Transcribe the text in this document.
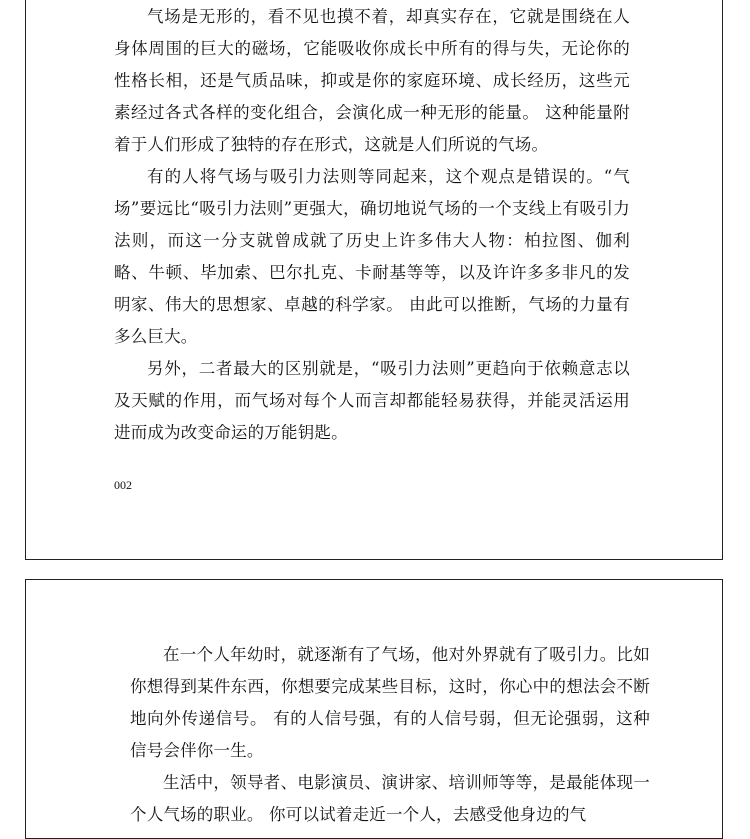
气场是无形的，看不见也摸不着，却真实存在，它就是围绕在人身体周围的巨大的磁场，它能吸收你成长中所有的得与失，无论你的性格长相，还是气质品味，抑或是你的家庭环境、成长经历，这些元素经过各式各样的变化组合，会演化成一种无形的能量。 这种能量附着于人们形成了独特的存在形式，这就是人们所说的气场。

有的人将气场与吸引力法则等同起来，这个观点是错误的。“气场”要远比“吸引力法则”更强大，确切地说气场的一个支线上有吸引力法则，而这一分支就曾成就了历史上许多伟大人物：柏拉图、伽利略、牛顿、毕加索、巴尔扎克、卡耐基等等，以及许许多多非凡的发明家、伟大的思想家、卓越的科学家。 由此可以推断，气场的力量有多么巨大。

另外，二者最大的区别就是，“吸引力法则”更趋向于依赖意志以及天赋的作用，而气场对每个人而言却都能轻易获得，并能灵活运用进而成为改变命运的万能钥匙。

002

在一个人年幼时，就逐渐有了气场，他对外界就有了吸引力。比如你想得到某件东西，你想要完成某些目标，这时，你心中的想法会不断地向外传递信号。 有的人信号强，有的人信号弱，但无论强弱，这种信号会伴你一生。

生活中，领导者、电影演员、演讲家、培训师等等，是最能体现一个人气场的职业。 你可以试着走近一个人，去感受他身边的气
